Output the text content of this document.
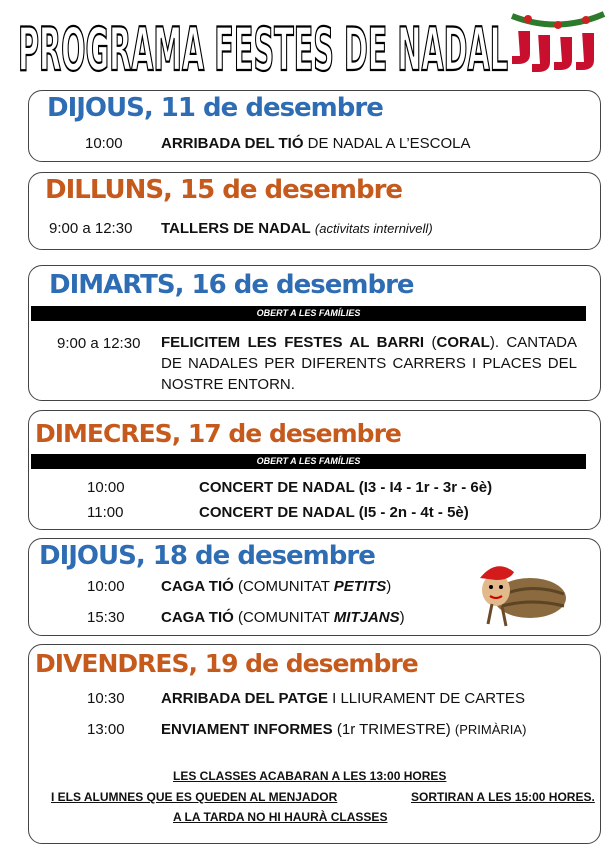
PROGRAMA FESTES DE NADAL
DIJOUS, 11 de desembre
10:00	ARRIBADA DEL TIÓ DE NADAL A L’ESCOLA
DILLUNS, 15 de desembre
9:00 a 12:30 TALLERS DE NADAL (activitats internivell)
DIMARTS, 16 de desembre
OBERT A LES FAMÍLIES
9:00 a 12:30 FELICITEM LES FESTES AL BARRI (CORAL). CANTADA DE NADALES PER DIFERENTS CARRERS I PLACES DEL NOSTRE ENTORN.
DIMECRES, 17 de desembre
OBERT A LES FAMÍLIES
10:00	CONCERT DE NADAL (I3 - I4 - 1r - 3r - 6è)
11:00	CONCERT DE NADAL (I5 - 2n - 4t - 5è)
DIJOUS, 18 de desembre
10:00 CAGA TIÓ (COMUNITAT PETITS)
15:30 CAGA TIÓ (COMUNITAT MITJANS)
DIVENDRES, 19 de desembre
10:30 ARRIBADA DEL PATGE I LLIURAMENT DE CARTES
13:00 ENVIAMENT INFORMES (1r TRIMESTRE) (PRIMÀRIA)
LES CLASSES ACABARAN A LES 13:00 HORES
I ELS ALUMNES QUE ES QUEDEN AL MENJADOR	SORTIRAN A LES 15:00 HORES.
A LA TARDA NO HI HAURÀ CLASSES
